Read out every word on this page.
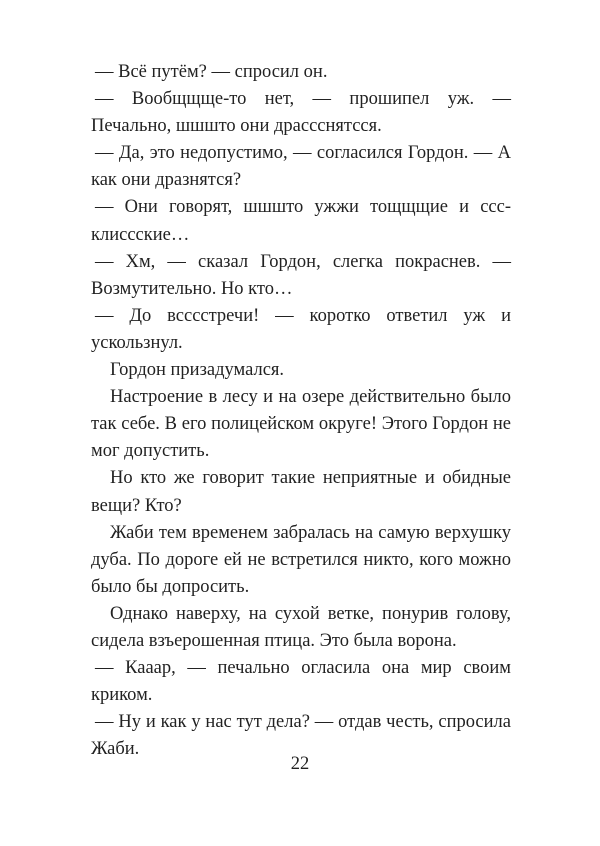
— Всё путём? — спросил он.

— Вообщщще-то нет, — прошипел уж. — Печально, шшшто они драссснятсся.

— Да, это недопустимо, — согласился Гордон. — А как они дразнятся?

— Они говорят, шшшто ужжи тощщщие и сссклиссские…

— Хм, — сказал Гордон, слегка покраснев. — Возмутительно. Но кто…

— До всссстречи! — коротко ответил уж и ускользнул.

Гордон призадумался.

Настроение в лесу и на озере действительно было так себе. В его полицейском округе! Этого Гордон не мог допустить.

Но кто же говорит такие неприятные и обидные вещи? Кто?

Жаби тем временем забралась на самую верхушку дуба. По дороге ей не встретился никто, кого можно было бы допросить.

Однако наверху, на сухой ветке, понурив голову, сидела взъерошенная птица. Это была ворона.

— Кааар, — печально огласила она мир своим криком.

— Ну и как у нас тут дела? — отдав честь, спросила Жаби.

22
